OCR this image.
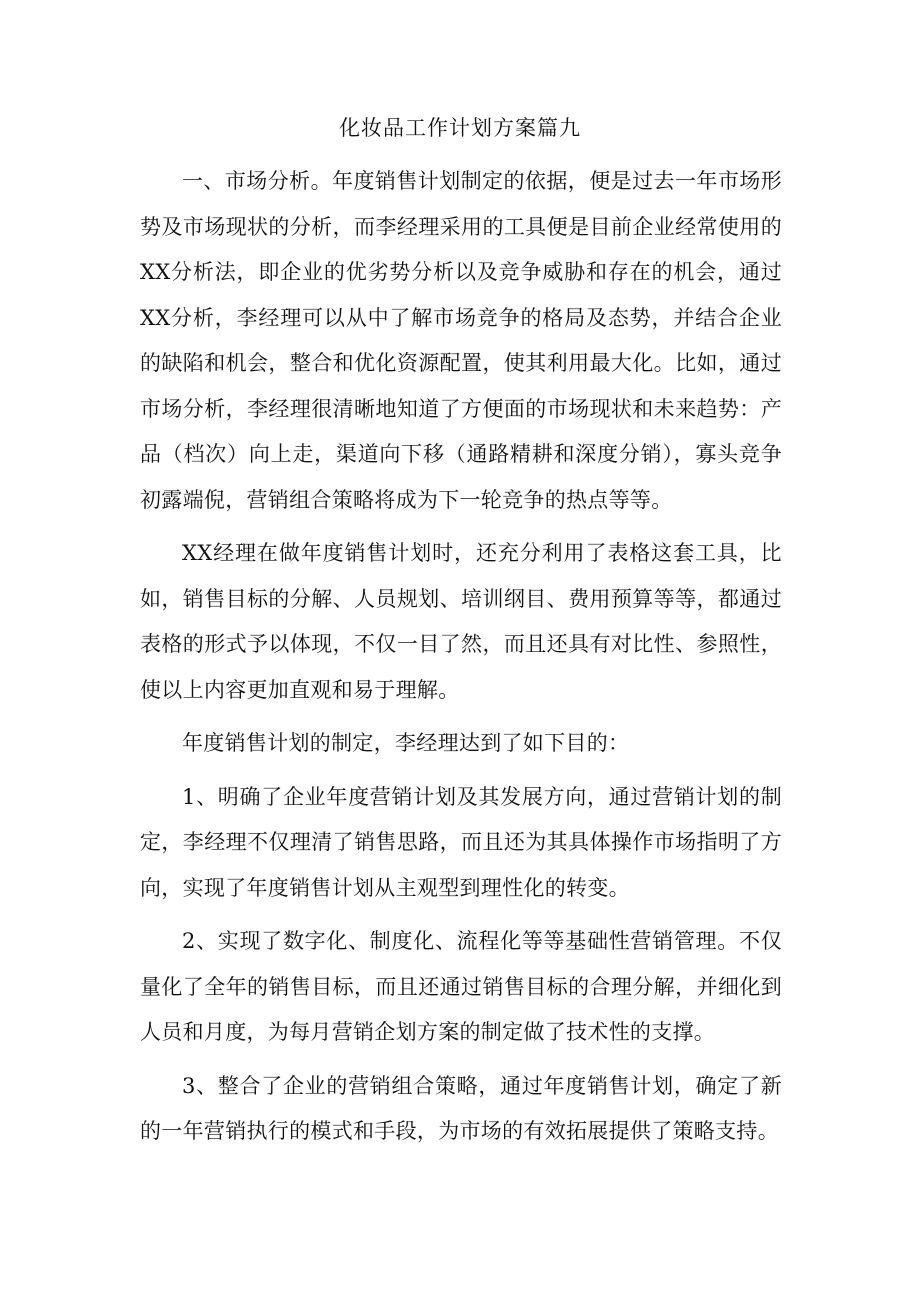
化妆品工作计划方案篇九

一、市场分析。年度销售计划制定的依据，便是过去一年市场形势及市场现状的分析，而李经理采用的工具便是目前企业经常使用的XX分析法，即企业的优劣势分析以及竞争威胁和存在的机会，通过XX分析，李经理可以从中了解市场竞争的格局及态势，并结合企业的缺陷和机会，整合和优化资源配置，使其利用最大化。比如，通过市场分析，李经理很清晰地知道了方便面的市场现状和未来趋势：产品（档次）向上走，渠道向下移（通路精耕和深度分销），寡头竞争初露端倪，营销组合策略将成为下一轮竞争的热点等等。

XX经理在做年度销售计划时，还充分利用了表格这套工具，比如，销售目标的分解、人员规划、培训纲目、费用预算等等，都通过表格的形式予以体现，不仅一目了然，而且还具有对比性、参照性，使以上内容更加直观和易于理解。

年度销售计划的制定，李经理达到了如下目的：

1、明确了企业年度营销计划及其发展方向，通过营销计划的制定，李经理不仅理清了销售思路，而且还为其具体操作市场指明了方向，实现了年度销售计划从主观型到理性化的转变。

2、实现了数字化、制度化、流程化等等基础性营销管理。不仅量化了全年的销售目标，而且还通过销售目标的合理分解，并细化到人员和月度，为每月营销企划方案的制定做了技术性的支撑。

3、整合了企业的营销组合策略，通过年度销售计划，确定了新的一年营销执行的模式和手段，为市场的有效拓展提供了策略支持。
